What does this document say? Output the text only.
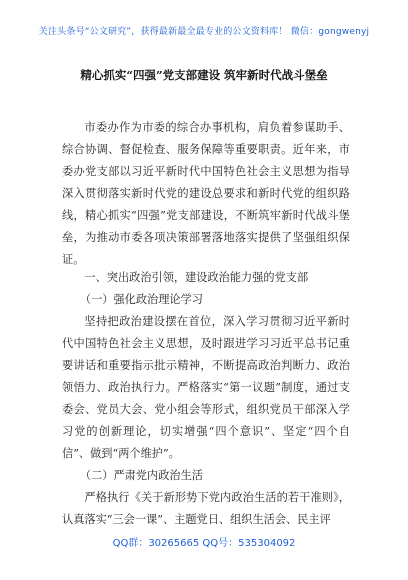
关注头条号“公文研究”，获得最新最全最专业的公文资料库！ 微信：gongwenyj
精心抓实“四强”党支部建设 筑牢新时代战斗堡垒

市委办作为市委的综合办事机构，肩负着参谋助手、综合协调、督促检查、服务保障等重要职责。近年来，市委办党支部以习近平新时代中国特色社会主义思想为指导深入贯彻落实新时代党的建设总要求和新时代党的组织路线，精心抓实“四强”党支部建设，不断筑牢新时代战斗堡垒，为推动市委各项决策部署落地落实提供了坚强组织保证。

一、突出政治引领，建设政治能力强的党支部

（一）强化政治理论学习

坚持把政治建设摆在首位，深入学习贯彻习近平新时代中国特色社会主义思想，及时跟进学习习近平总书记重要讲话和重要指示批示精神，不断提高政治判断力、政治领悟力、政治执行力。严格落实“第一议题”制度，通过支委会、党员大会、党小组会等形式，组织党员干部深入学习党的创新理论，切实增强“四个意识”、坚定“四个自信”、做到“两个维护”。

（二）严肃党内政治生活

严格执行《关于新形势下党内政治生活的若干准则》，认真落实“三会一课”、主题党日、组织生活会、民主评

QQ群：30265665 QQ号：535304092
